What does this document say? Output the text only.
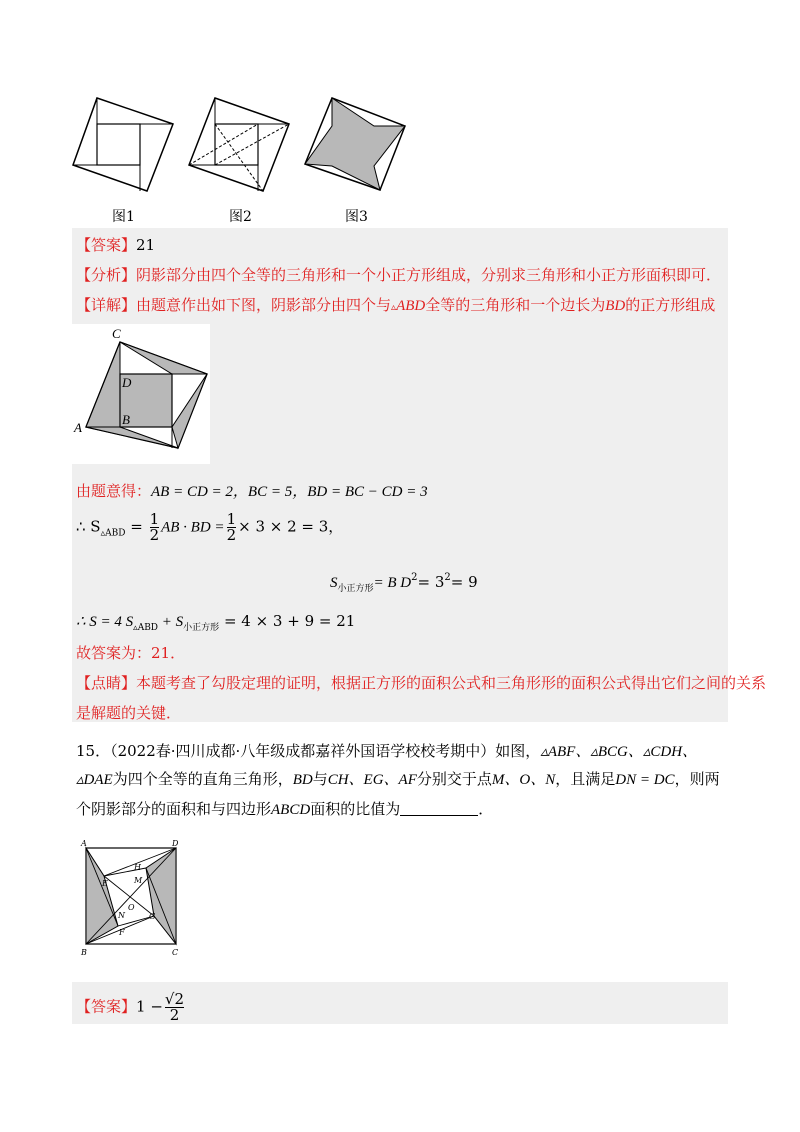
图1	图2	图3
【答案】21
【分析】阴影部分由四个全等的三角形和一个小正方形组成，分别求三角形和小正方形面积即可．
【详解】由题意作出如下图，阴影部分由四个与▵ABD全等的三角形和一个边长为BD的正方形组成
C
D
A
B
由题意得：AB = CD = 2，BC = 5，BD = BC − CD = 3
∴ $S_{▵ABD} = \frac{1}{2}$ AB · BD = $\frac{1}{2} \times 3 \times 2 = 3$，
$S_{小正方形}= B$ $D^2= 3^2= 9$
∴ S = 4 $S_{▵ABD} + S_{小正方形} = 4 \times 3 + 9 = 21$
故答案为：21．
【点睛】本题考查了勾股定理的证明，根据正方形的面积公式和三角形形的面积公式得出它们之间的关系
是解题的关键．
15．（2022春·四川成都·八年级成都嘉祥外国语学校校考期中）如图，▵ABF、▵BCG、▵CDH、
▵DAE为四个全等的直角三角形，BD与CH、EG、AF分别交于点M、O、N，且满足DN = DC，则两
个阴影部分的面积和与四边形ABCD面积的比值为	．
A	D
B	C
H
E	M
O
N	G
F
【答案】$1 - \frac{√2}{2}$
